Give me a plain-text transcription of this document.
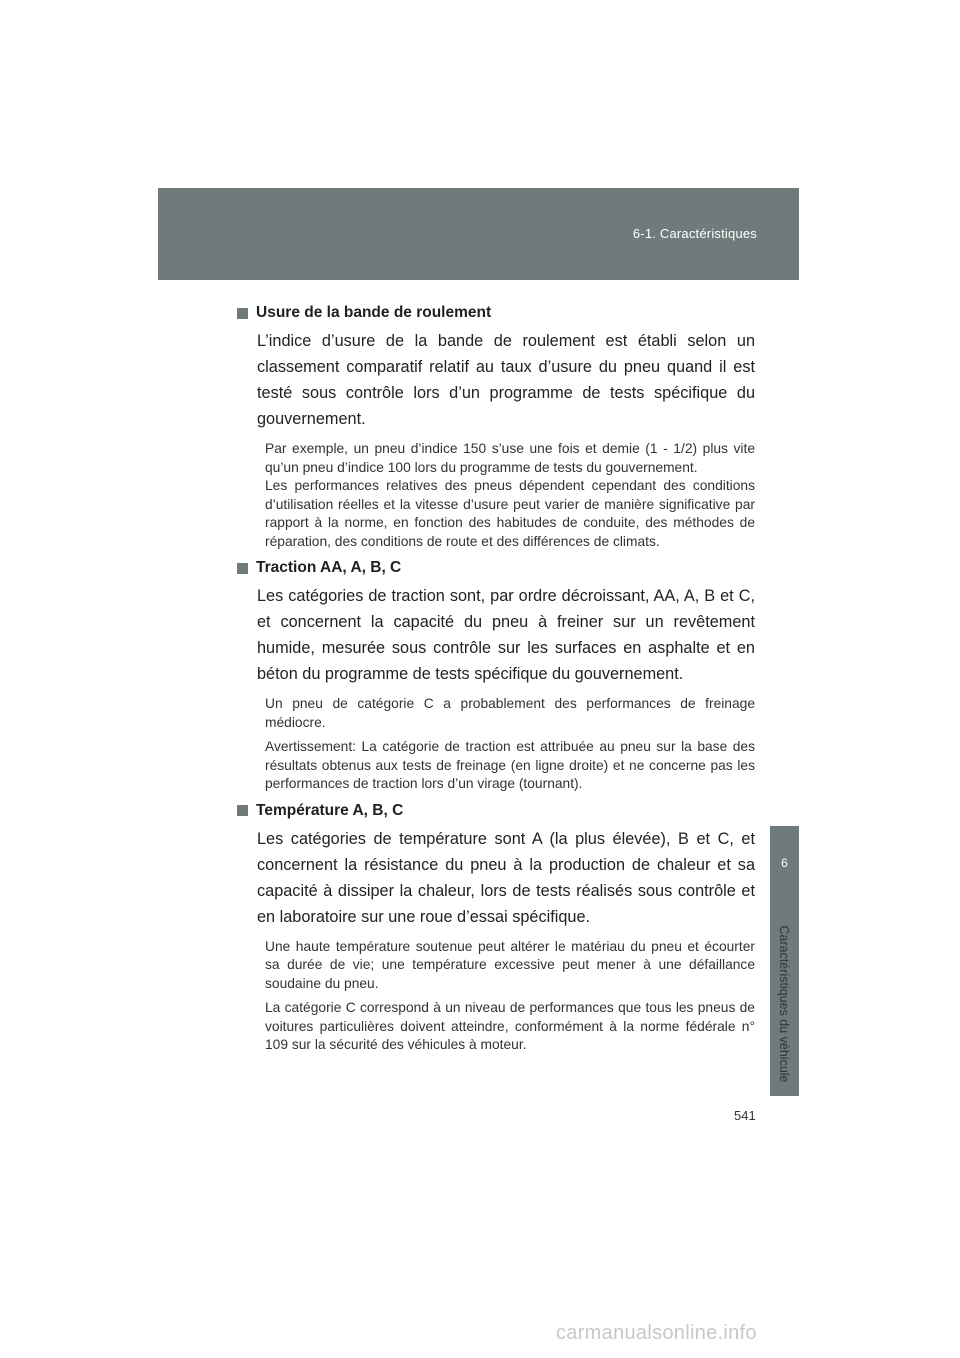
6-1. Caractéristiques
6
Caractéristiques du véhicule
Usure de la bande de roulement

L’indice d’usure de la bande de roulement est établi selon un classement comparatif relatif au taux d’usure du pneu quand il est testé sous contrôle lors d’un programme de tests spécifique du gouvernement.

Par exemple, un pneu d’indice 150 s’use une fois et demie (1 - 1/2) plus vite qu’un pneu d’indice 100 lors du programme de tests du gouvernement.

Les performances relatives des pneus dépendent cependant des conditions d’utilisation réelles et la vitesse d’usure peut varier de manière significative par rapport à la norme, en fonction des habitudes de conduite, des méthodes de réparation, des conditions de route et des différences de climats.

Traction AA, A, B, C

Les catégories de traction sont, par ordre décroissant, AA, A, B et C, et concernent la capacité du pneu à freiner sur un revêtement humide, mesurée sous contrôle sur les surfaces en asphalte et en béton du programme de tests spécifique du gouvernement.

Un pneu de catégorie C a probablement des performances de freinage médiocre.

Avertissement: La catégorie de traction est attribuée au pneu sur la base des résultats obtenus aux tests de freinage (en ligne droite) et ne concerne pas les performances de traction lors d’un virage (tournant).

Température A, B, C

Les catégories de température sont A (la plus élevée), B et C, et concernent la résistance du pneu à la production de chaleur et sa capacité à dissiper la chaleur, lors de tests réalisés sous contrôle et en laboratoire sur une roue d’essai spécifique.

Une haute température soutenue peut altérer le matériau du pneu et écourter sa durée de vie; une température excessive peut mener à une défaillance soudaine du pneu.

La catégorie C correspond à un niveau de performances que tous les pneus de voitures particulières doivent atteindre, conformément à la norme fédérale n° 109 sur la sécurité des véhicules à moteur.

541
carmanualsonline.info
